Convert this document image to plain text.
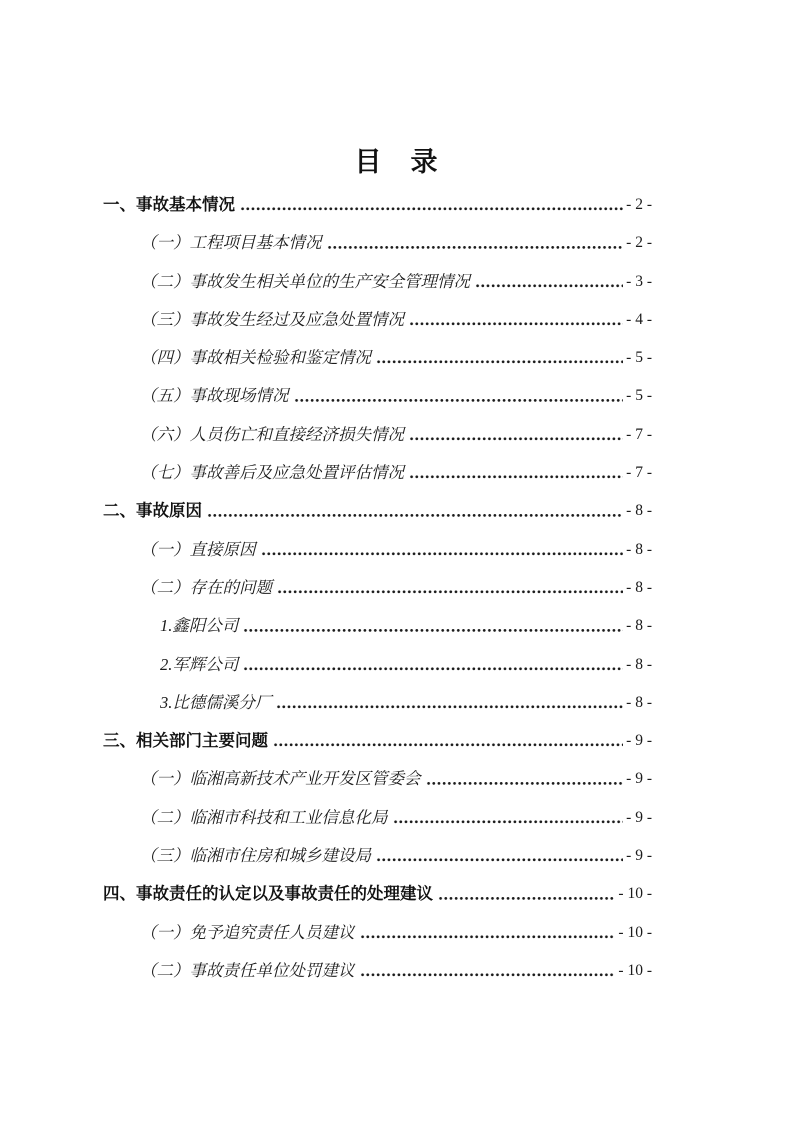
目　录
一、事故基本情况	- 2 -
（一）工程项目基本情况	- 2 -
（二）事故发生相关单位的生产安全管理情况	- 3 -
（三）事故发生经过及应急处置情况	- 4 -
（四）事故相关检验和鉴定情况	- 5 -
（五）事故现场情况	- 5 -
（六）人员伤亡和直接经济损失情况	- 7 -
（七）事故善后及应急处置评估情况	- 7 -
二、事故原因	- 8 -
（一）直接原因	- 8 -
（二）存在的问题	- 8 -
1.鑫阳公司	- 8 -
2.军辉公司	- 8 -
3.比德儒溪分厂	- 8 -
三、相关部门主要问题	- 9 -
（一）临湘高新技术产业开发区管委会	- 9 -
（二）临湘市科技和工业信息化局	- 9 -
（三）临湘市住房和城乡建设局	- 9 -
四、事故责任的认定以及事故责任的处理建议	- 10 -
（一）免予追究责任人员建议	- 10 -
（二）事故责任单位处罚建议	- 10 -
